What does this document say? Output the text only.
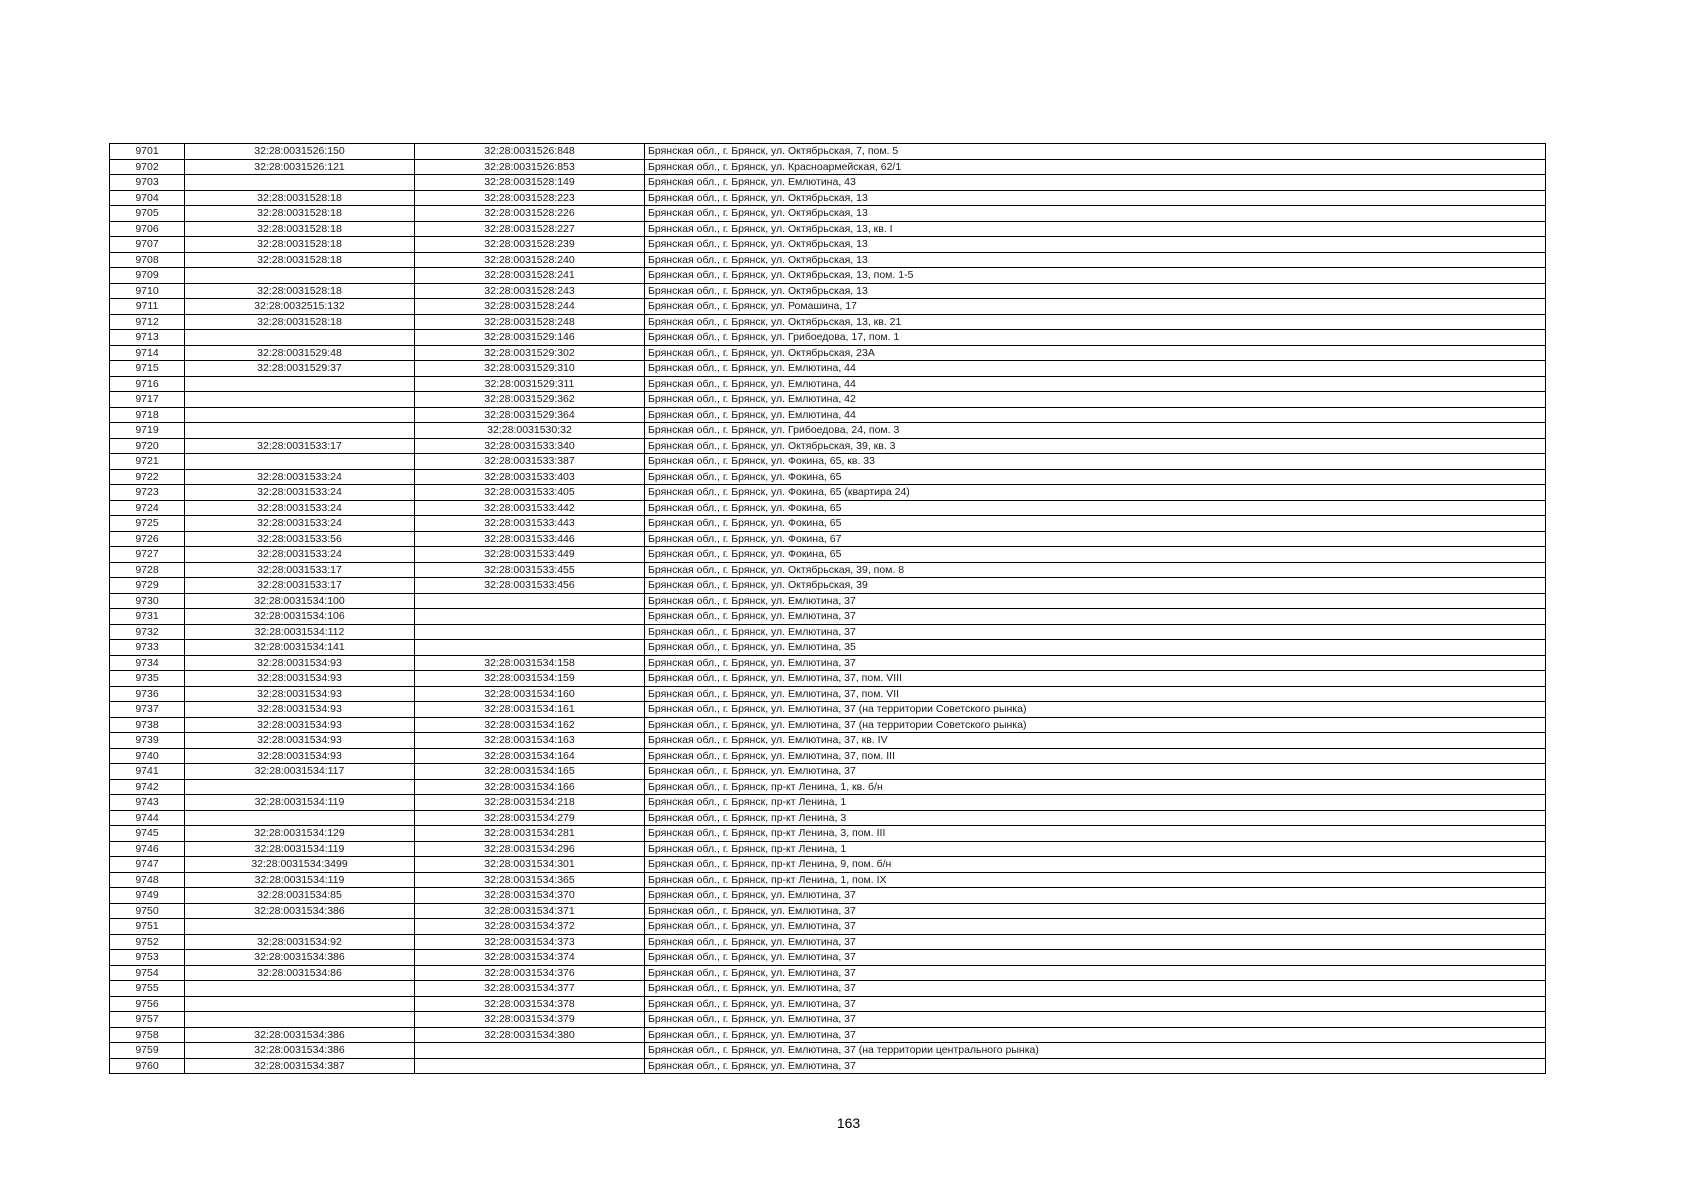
9701	32:28:0031526:150	32:28:0031526:848	Брянская обл., г. Брянск, ул. Октябрьская, 7, пом. 5
9702	32:28:0031526:121	32:28:0031526:853	Брянская обл., г. Брянск, ул. Красноармейская, 62/1
9703		32:28:0031528:149	Брянская обл., г. Брянск, ул. Емлютина, 43
9704	32:28:0031528:18	32:28:0031528:223	Брянская обл., г. Брянск, ул. Октябрьская, 13
9705	32:28:0031528:18	32:28:0031528:226	Брянская обл., г. Брянск, ул. Октябрьская, 13
9706	32:28:0031528:18	32:28:0031528:227	Брянская обл., г. Брянск, ул. Октябрьская, 13, кв. I
9707	32:28:0031528:18	32:28:0031528:239	Брянская обл., г. Брянск, ул. Октябрьская, 13
9708	32:28:0031528:18	32:28:0031528:240	Брянская обл., г. Брянск, ул. Октябрьская, 13
9709		32:28:0031528:241	Брянская обл., г. Брянск, ул. Октябрьская, 13, пом. 1-5
9710	32:28:0031528:18	32:28:0031528:243	Брянская обл., г. Брянск, ул. Октябрьская, 13
9711	32:28:0032515:132	32:28:0031528:244	Брянская обл., г. Брянск, ул. Ромашина, 17
9712	32:28:0031528:18	32:28:0031528:248	Брянская обл., г. Брянск, ул. Октябрьская, 13, кв. 21
9713		32:28:0031529:146	Брянская обл., г. Брянск, ул. Грибоедова, 17, пом. 1
9714	32:28:0031529:48	32:28:0031529:302	Брянская обл., г. Брянск, ул. Октябрьская, 23А
9715	32:28:0031529:37	32:28:0031529:310	Брянская обл., г. Брянск, ул. Емлютина, 44
9716		32:28:0031529:311	Брянская обл., г. Брянск, ул. Емлютина, 44
9717		32:28:0031529:362	Брянская обл., г. Брянск, ул. Емлютина, 42
9718		32:28:0031529:364	Брянская обл., г. Брянск, ул. Емлютина, 44
9719		32:28:0031530:32	Брянская обл., г. Брянск, ул. Грибоедова, 24, пом. 3
9720	32:28:0031533:17	32:28:0031533:340	Брянская обл., г. Брянск, ул. Октябрьская, 39, кв. 3
9721		32:28:0031533:387	Брянская обл., г. Брянск, ул. Фокина, 65, кв. 33
9722	32:28:0031533:24	32:28:0031533:403	Брянская обл., г. Брянск, ул. Фокина, 65
9723	32:28:0031533:24	32:28:0031533:405	Брянская обл., г. Брянск, ул. Фокина, 65 (квартира 24)
9724	32:28:0031533:24	32:28:0031533:442	Брянская обл., г. Брянск, ул. Фокина, 65
9725	32:28:0031533:24	32:28:0031533:443	Брянская обл., г. Брянск, ул. Фокина, 65
9726	32:28:0031533:56	32:28:0031533:446	Брянская обл., г. Брянск, ул. Фокина, 67
9727	32:28:0031533:24	32:28:0031533:449	Брянская обл., г. Брянск, ул. Фокина, 65
9728	32:28:0031533:17	32:28:0031533:455	Брянская обл., г. Брянск, ул. Октябрьская, 39, пом. 8
9729	32:28:0031533:17	32:28:0031533:456	Брянская обл., г. Брянск, ул. Октябрьская, 39
9730	32:28:0031534:100		Брянская обл., г. Брянск, ул. Емлютина, 37
9731	32:28:0031534:106		Брянская обл., г. Брянск, ул. Емлютина, 37
9732	32:28:0031534:112		Брянская обл., г. Брянск, ул. Емлютина, 37
9733	32:28:0031534:141		Брянская обл., г. Брянск, ул. Емлютина, 35
9734	32:28:0031534:93	32:28:0031534:158	Брянская обл., г. Брянск, ул. Емлютина, 37
9735	32:28:0031534:93	32:28:0031534:159	Брянская обл., г. Брянск, ул. Емлютина, 37, пом. VIII
9736	32:28:0031534:93	32:28:0031534:160	Брянская обл., г. Брянск, ул. Емлютина, 37, пом. VII
9737	32:28:0031534:93	32:28:0031534:161	Брянская обл., г. Брянск, ул. Емлютина, 37 (на территории Советского рынка)
9738	32:28:0031534:93	32:28:0031534:162	Брянская обл., г. Брянск, ул. Емлютина, 37 (на территории Советского рынка)
9739	32:28:0031534:93	32:28:0031534:163	Брянская обл., г. Брянск, ул. Емлютина, 37, кв. IV
9740	32:28:0031534:93	32:28:0031534:164	Брянская обл., г. Брянск, ул. Емлютина, 37, пом. III
9741	32:28:0031534:117	32:28:0031534:165	Брянская обл., г. Брянск, ул. Емлютина, 37
9742		32:28:0031534:166	Брянская обл., г. Брянск, пр-кт Ленина, 1, кв. б/н
9743	32:28:0031534:119	32:28:0031534:218	Брянская обл., г. Брянск, пр-кт Ленина, 1
9744		32:28:0031534:279	Брянская обл., г. Брянск, пр-кт Ленина, 3
9745	32:28:0031534:129	32:28:0031534:281	Брянская обл., г. Брянск, пр-кт Ленина, 3, пом. III
9746	32:28:0031534:119	32:28:0031534:296	Брянская обл., г. Брянск, пр-кт Ленина, 1
9747	32:28:0031534:3499	32:28:0031534:301	Брянская обл., г. Брянск, пр-кт Ленина, 9, пом. б/н
9748	32:28:0031534:119	32:28:0031534:365	Брянская обл., г. Брянск, пр-кт Ленина, 1, пом. IX
9749	32:28:0031534:85	32:28:0031534:370	Брянская обл., г. Брянск, ул. Емлютина, 37
9750	32:28:0031534:386	32:28:0031534:371	Брянская обл., г. Брянск, ул. Емлютина, 37
9751		32:28:0031534:372	Брянская обл., г. Брянск, ул. Емлютина, 37
9752	32:28:0031534:92	32:28:0031534:373	Брянская обл., г. Брянск, ул. Емлютина, 37
9753	32:28:0031534:386	32:28:0031534:374	Брянская обл., г. Брянск, ул. Емлютина, 37
9754	32:28:0031534:86	32:28:0031534:376	Брянская обл., г. Брянск, ул. Емлютина, 37
9755		32:28:0031534:377	Брянская обл., г. Брянск, ул. Емлютина, 37
9756		32:28:0031534:378	Брянская обл., г. Брянск, ул. Емлютина, 37
9757		32:28:0031534:379	Брянская обл., г. Брянск, ул. Емлютина, 37
9758	32:28:0031534:386	32:28:0031534:380	Брянская обл., г. Брянск, ул. Емлютина, 37
9759	32:28:0031534:386		Брянская обл., г. Брянск, ул. Емлютина, 37 (на территории центрального рынка)
9760	32:28:0031534:387		Брянская обл., г. Брянск, ул. Емлютина, 37
163
